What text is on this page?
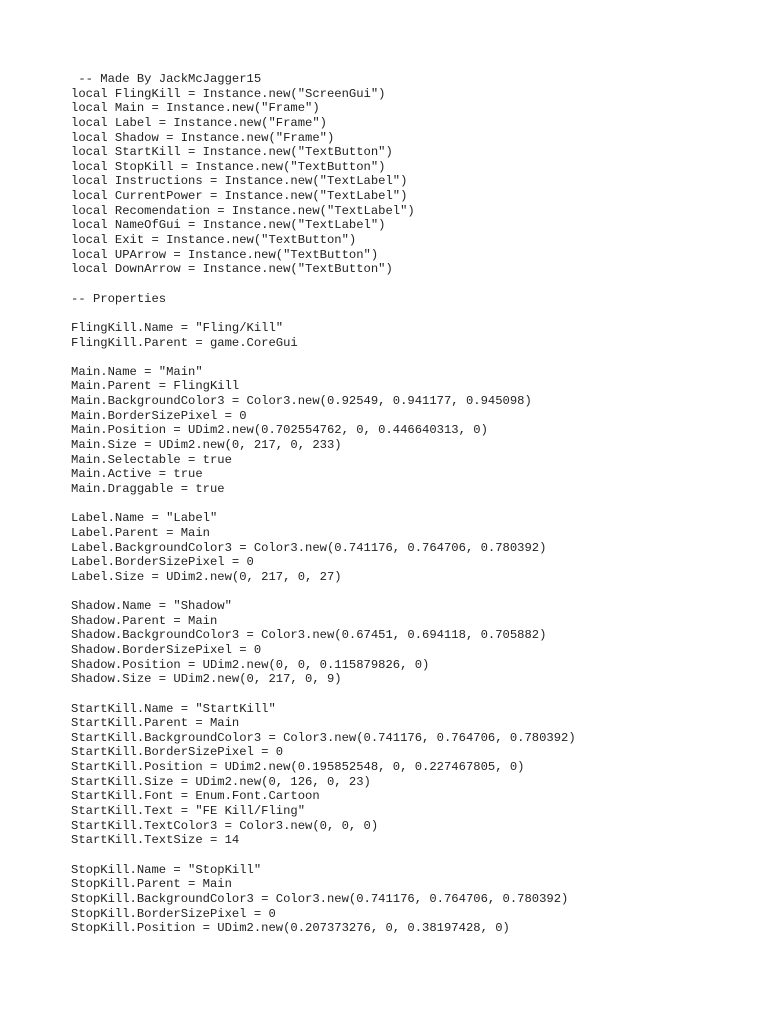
-- Made By JackMcJagger15
local FlingKill = Instance.new("ScreenGui")
local Main = Instance.new("Frame")
local Label = Instance.new("Frame")
local Shadow = Instance.new("Frame")
local StartKill = Instance.new("TextButton")
local StopKill = Instance.new("TextButton")
local Instructions = Instance.new("TextLabel")
local CurrentPower = Instance.new("TextLabel")
local Recomendation = Instance.new("TextLabel")
local NameOfGui = Instance.new("TextLabel")
local Exit = Instance.new("TextButton")
local UPArrow = Instance.new("TextButton")
local DownArrow = Instance.new("TextButton")
-- Properties
FlingKill.Name = "Fling/Kill"
FlingKill.Parent = game.CoreGui
Main.Name = "Main"
Main.Parent = FlingKill
Main.BackgroundColor3 = Color3.new(0.92549, 0.941177, 0.945098)
Main.BorderSizePixel = 0
Main.Position = UDim2.new(0.702554762, 0, 0.446640313, 0)
Main.Size = UDim2.new(0, 217, 0, 233)
Main.Selectable = true
Main.Active = true
Main.Draggable = true
Label.Name = "Label"
Label.Parent = Main
Label.BackgroundColor3 = Color3.new(0.741176, 0.764706, 0.780392)
Label.BorderSizePixel = 0
Label.Size = UDim2.new(0, 217, 0, 27)
Shadow.Name = "Shadow"
Shadow.Parent = Main
Shadow.BackgroundColor3 = Color3.new(0.67451, 0.694118, 0.705882)
Shadow.BorderSizePixel = 0
Shadow.Position = UDim2.new(0, 0, 0.115879826, 0)
Shadow.Size = UDim2.new(0, 217, 0, 9)
StartKill.Name = "StartKill"
StartKill.Parent = Main
StartKill.BackgroundColor3 = Color3.new(0.741176, 0.764706, 0.780392)
StartKill.BorderSizePixel = 0
StartKill.Position = UDim2.new(0.195852548, 0, 0.227467805, 0)
StartKill.Size = UDim2.new(0, 126, 0, 23)
StartKill.Font = Enum.Font.Cartoon
StartKill.Text = "FE Kill/Fling"
StartKill.TextColor3 = Color3.new(0, 0, 0)
StartKill.TextSize = 14
StopKill.Name = "StopKill"
StopKill.Parent = Main
StopKill.BackgroundColor3 = Color3.new(0.741176, 0.764706, 0.780392)
StopKill.BorderSizePixel = 0
StopKill.Position = UDim2.new(0.207373276, 0, 0.38197428, 0)
